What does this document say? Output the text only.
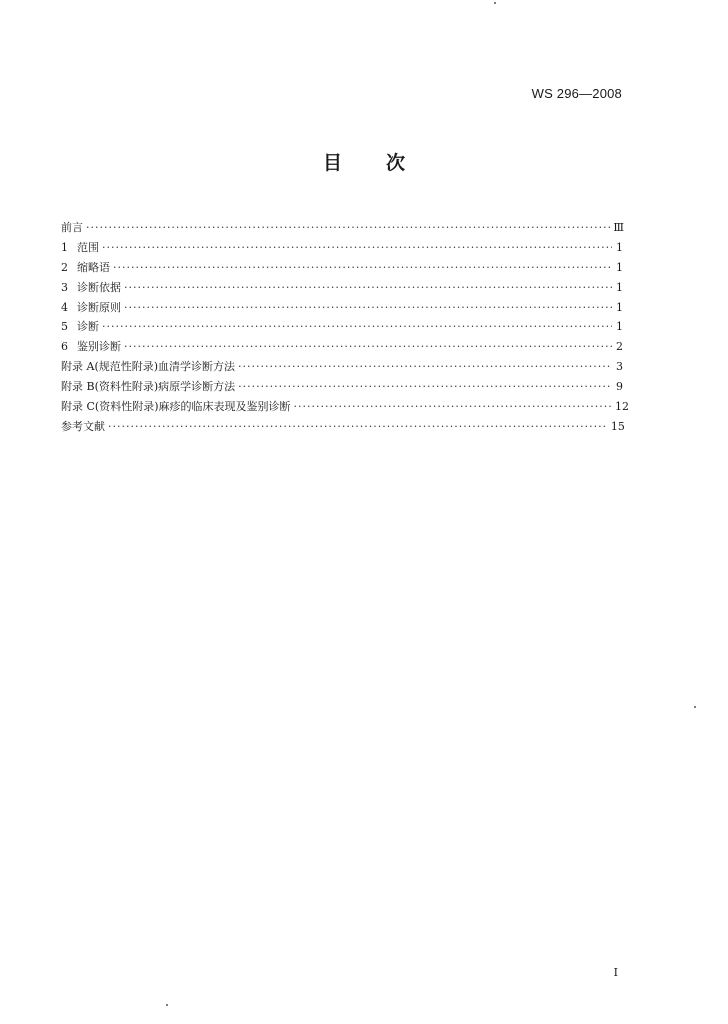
WS 296—2008
目 次
前言 ·····	Ⅲ
1 范围 ·····	1
2 缩略语 ·····	1
3 诊断依据 ·····	1
4 诊断原则 ·····	1
5 诊断 ·····	1
6 鉴别诊断 ·····	2
附录 A(规范性附录)血清学诊断方法 ·····	3
附录 B(资料性附录)病原学诊断方法 ·····	9
附录 C(资料性附录)麻疹的临床表现及鉴别诊断 ·····	12
参考文献 ·····	15
Ⅰ
